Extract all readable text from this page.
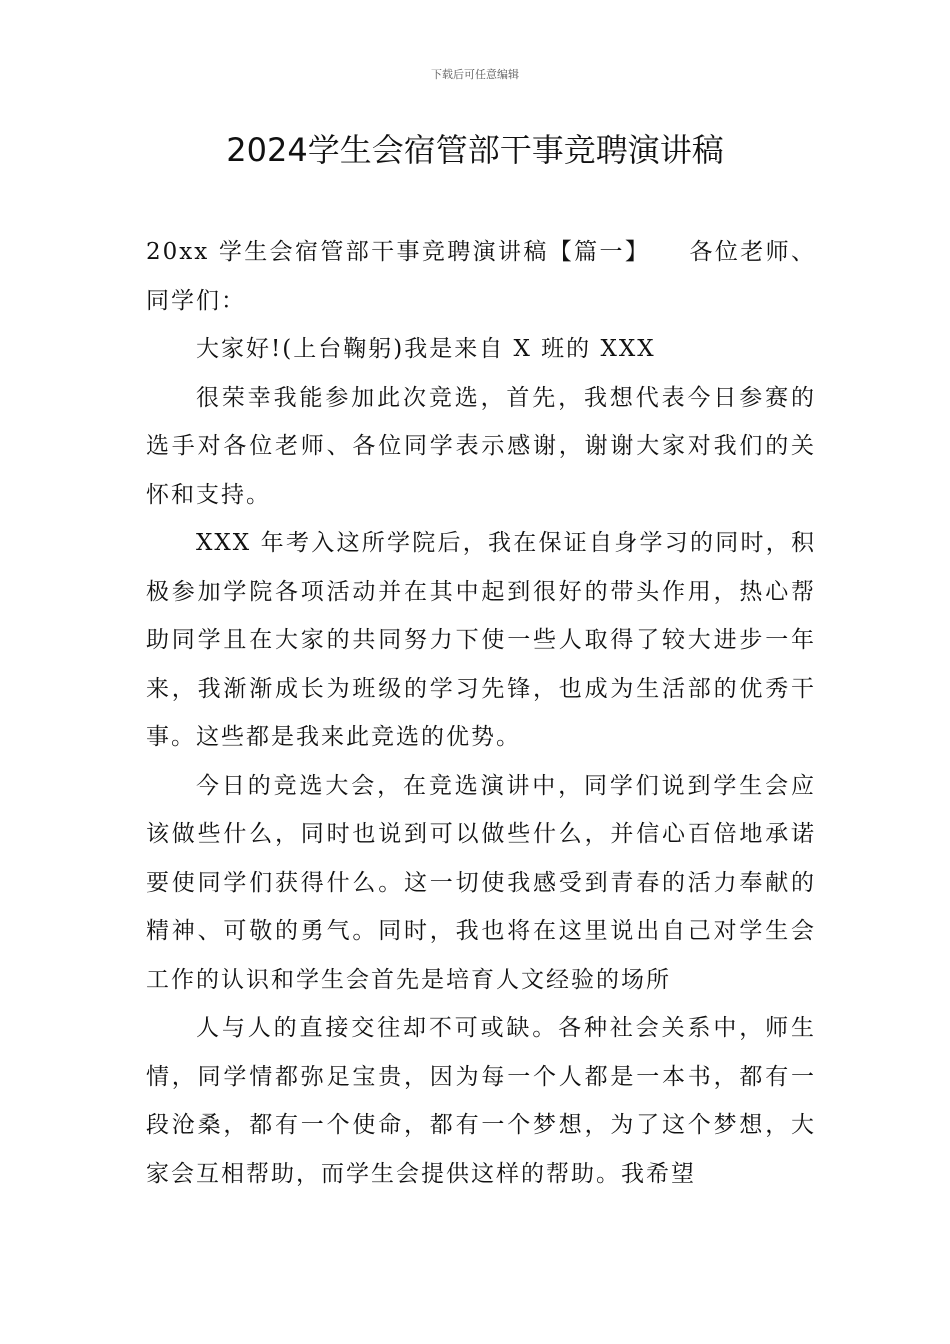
下载后可任意编辑
2024学生会宿管部干事竞聘演讲稿

20xx 学生会宿管部干事竞聘演讲稿【篇一】　　各位老师、同学们：

大家好!(上台鞠躬)我是来自 X 班的 XXX

很荣幸我能参加此次竞选，首先，我想代表今日参赛的选手对各位老师、各位同学表示感谢，谢谢大家对我们的关怀和支持。

XXX 年考入这所学院后，我在保证自身学习的同时，积极参加学院各项活动并在其中起到很好的带头作用，热心帮助同学且在大家的共同努力下使一些人取得了较大进步一年来，我渐渐成长为班级的学习先锋，也成为生活部的优秀干事。这些都是我来此竞选的优势。

今日的竞选大会，在竞选演讲中，同学们说到学生会应该做些什么，同时也说到可以做些什么，并信心百倍地承诺要使同学们获得什么。这一切使我感受到青春的活力奉献的精神、可敬的勇气。同时，我也将在这里说出自己对学生会工作的认识和学生会首先是培育人文经验的场所

人与人的直接交往却不可或缺。各种社会关系中，师生情，同学情都弥足宝贵，因为每一个人都是一本书，都有一段沧桑，都有一个使命，都有一个梦想，为了这个梦想，大家会互相帮助，而学生会提供这样的帮助。我希望
